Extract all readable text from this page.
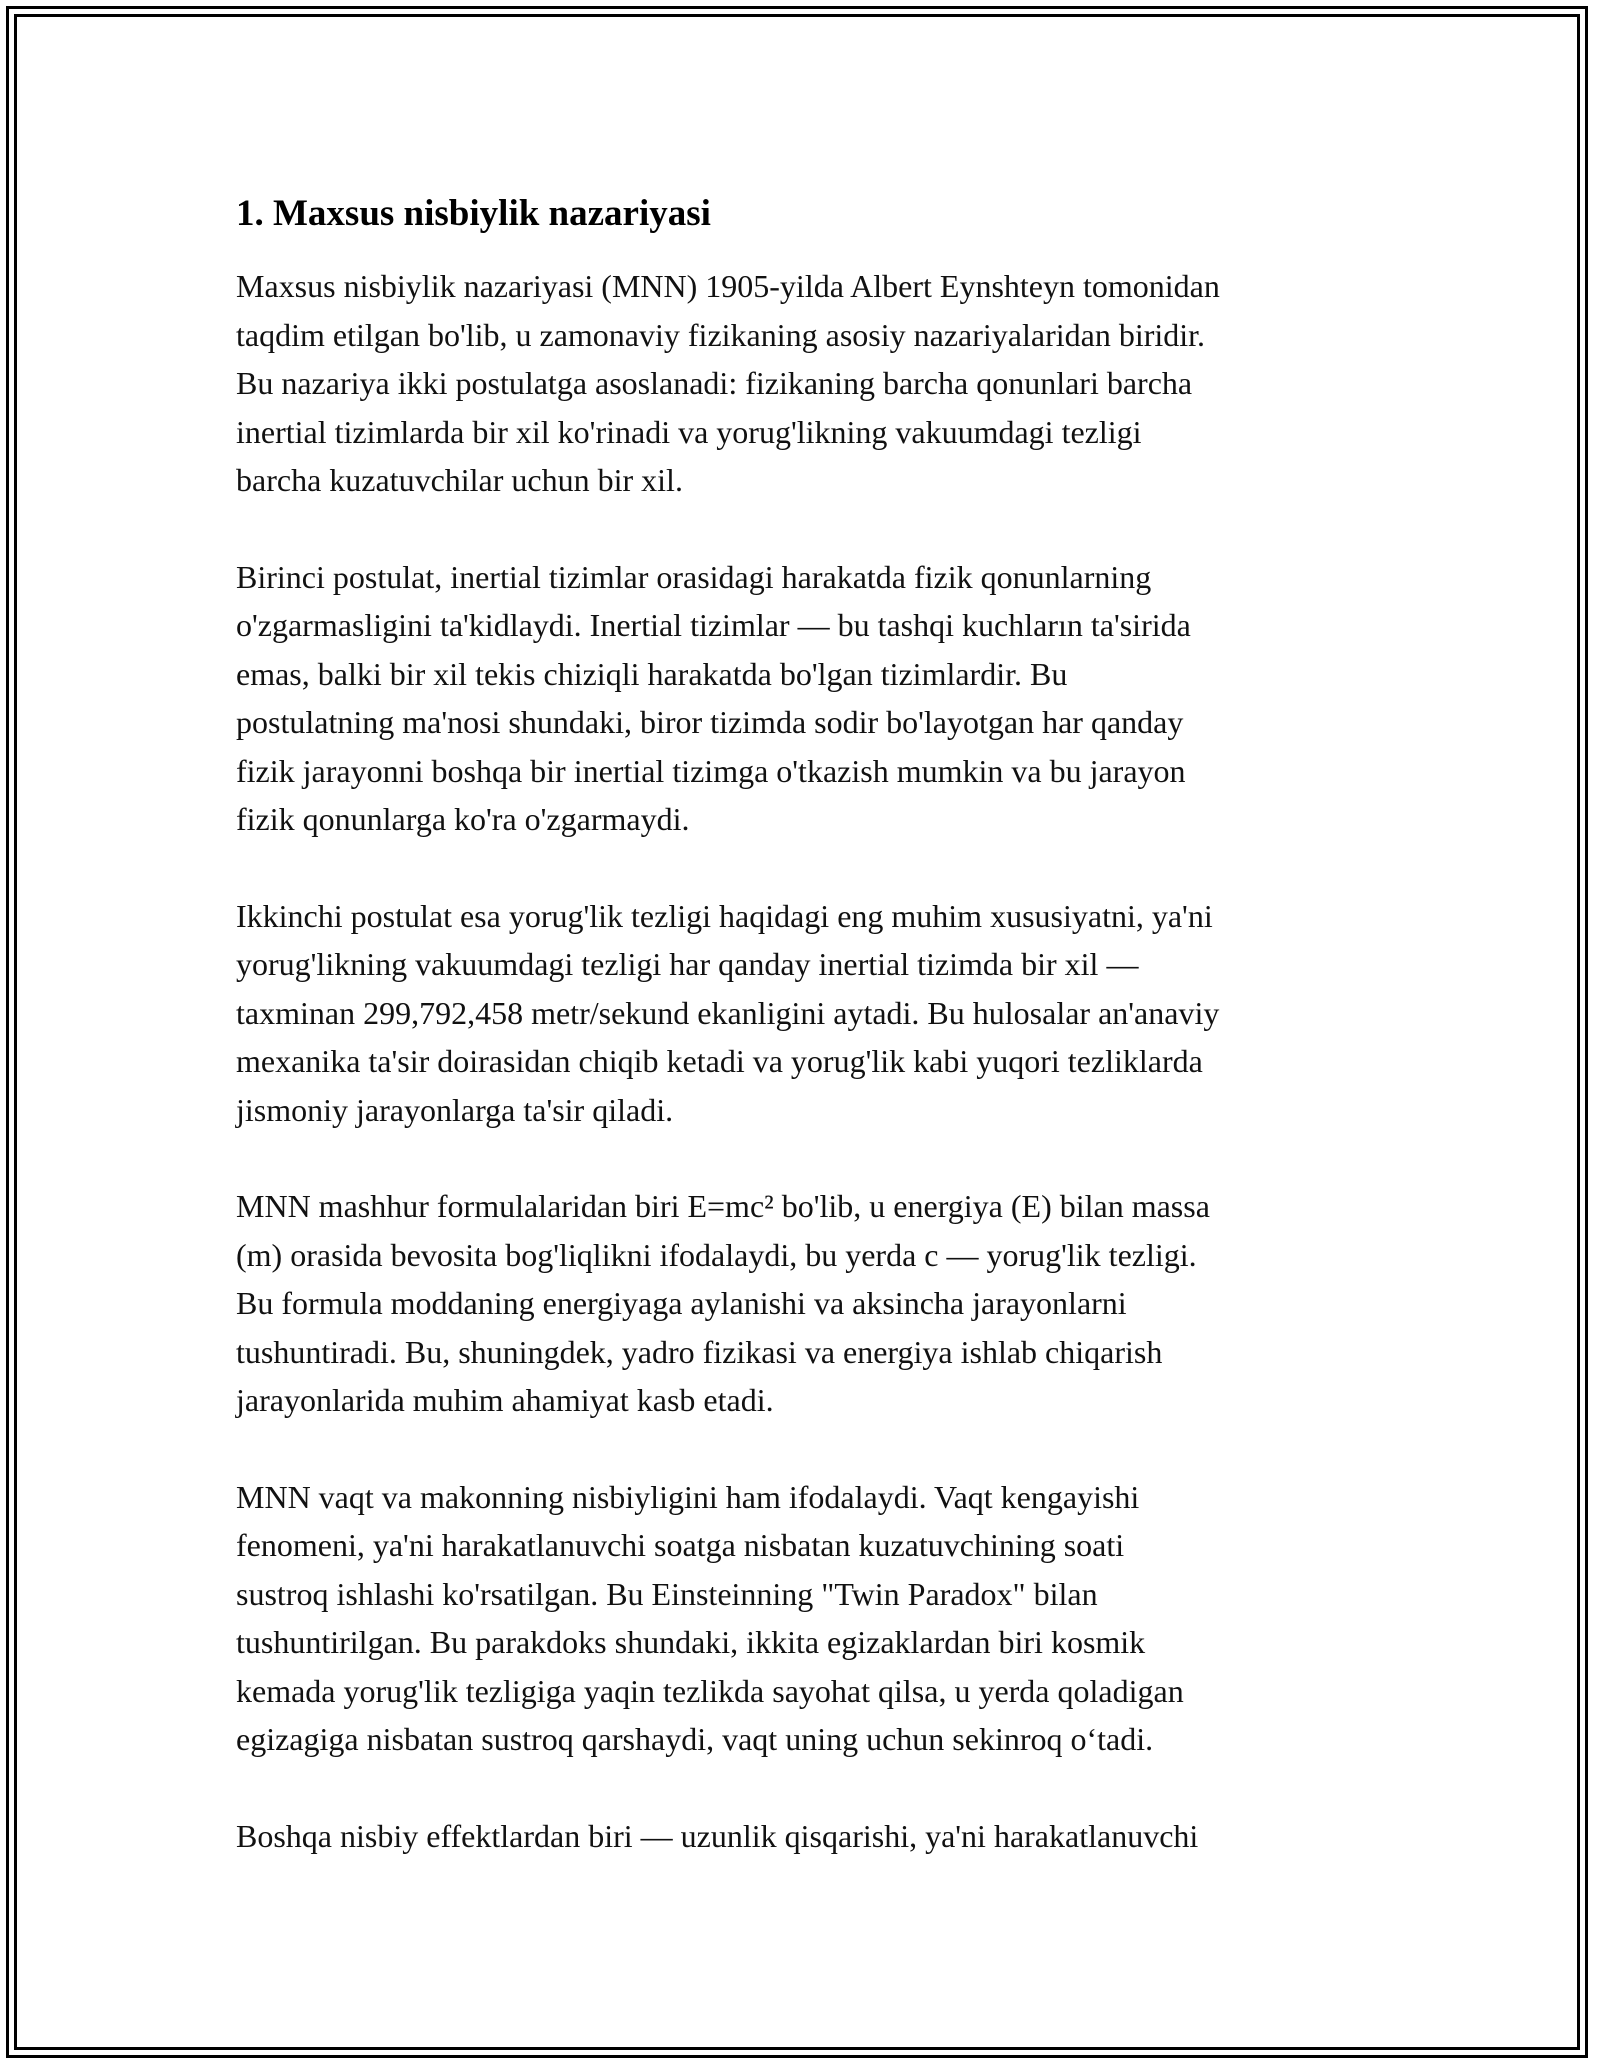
1. Maxsus nisbiylik nazariyasi
Maxsus nisbiylik nazariyasi (MNN) 1905-yilda Albert Eynshteyn tomonidan
taqdim etilgan bo'lib, u zamonaviy fizikaning asosiy nazariyalaridan biridir.
Bu nazariya ikki postulatga asoslanadi: fizikaning barcha qonunlari barcha
inertial tizimlarda bir xil ko'rinadi va yorug'likning vakuumdagi tezligi
barcha kuzatuvchilar uchun bir xil.
Birinci postulat, inertial tizimlar orasidagi harakatda fizik qonunlarning
o'zgarmasligini ta'kidlaydi. Inertial tizimlar — bu tashqi kuchların ta'sirida
emas, balki bir xil tekis chiziqli harakatda bo'lgan tizimlardir. Bu
postulatning ma'nosi shundaki, biror tizimda sodir bo'layotgan har qanday
fizik jarayonni boshqa bir inertial tizimga o'tkazish mumkin va bu jarayon
fizik qonunlarga ko'ra o'zgarmaydi.
Ikkinchi postulat esa yorug'lik tezligi haqidagi eng muhim xususiyatni, ya'ni
yorug'likning vakuumdagi tezligi har qanday inertial tizimda bir xil —
taxminan 299,792,458 metr/sekund ekanligini aytadi. Bu hulosalar an'anaviy
mexanika ta'sir doirasidan chiqib ketadi va yorug'lik kabi yuqori tezliklarda
jismoniy jarayonlarga ta'sir qiladi.
MNN mashhur formulalaridan biri E=mc² bo'lib, u energiya (E) bilan massa
(m) orasida bevosita bog'liqlikni ifodalaydi, bu yerda c — yorug'lik tezligi.
Bu formula moddaning energiyaga aylanishi va aksincha jarayonlarni
tushuntiradi. Bu, shuningdek, yadro fizikasi va energiya ishlab chiqarish
jarayonlarida muhim ahamiyat kasb etadi.
MNN vaqt va makonning nisbiyligini ham ifodalaydi. Vaqt kengayishi
fenomeni, ya'ni harakatlanuvchi soatga nisbatan kuzatuvchining soati
sustroq ishlashi ko'rsatilgan. Bu Einsteinning "Twin Paradox" bilan
tushuntirilgan. Bu parakdoks shundaki, ikkita egizaklardan biri kosmik
kemada yorug'lik tezligiga yaqin tezlikda sayohat qilsa, u yerda qoladigan
egizagiga nisbatan sustroq qarshaydi, vaqt uning uchun sekinroq oʻtadi.
Boshqa nisbiy effektlardan biri — uzunlik qisqarishi, ya'ni harakatlanuvchi
